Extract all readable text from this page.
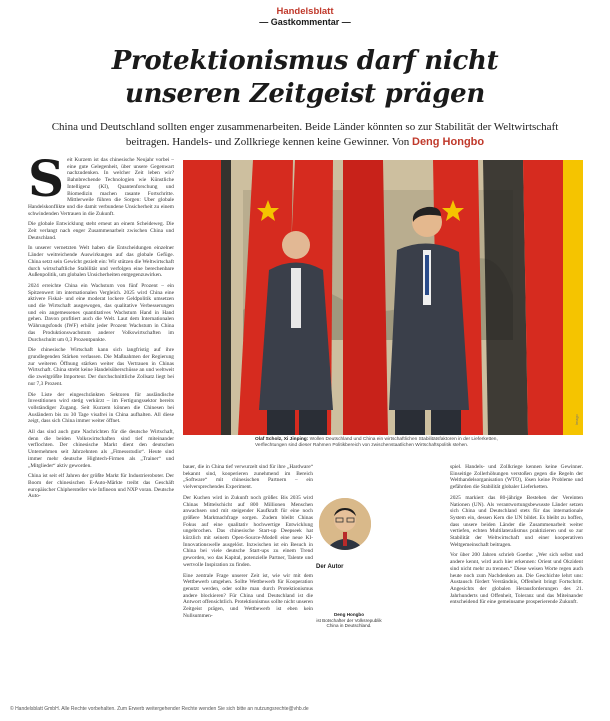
Handelsblatt
— Gastkommentar —
Protektionismus darf nicht
unseren Zeitgeist prägen
China und Deutschland sollten enger zusammenarbeiten. Beide Länder könnten so zur Stabilität der Weltwirtschaft beitragen. Handels- und Zollkriege kennen keine Gewinner. Von Deng Hongbo

Seit Kurzem ist das chinesische Neujahr vorbei – eine gute Gelegenheit, über unsere Gegenwart nachzudenken. In welcher Zeit leben wir? Bahnbrechende Technologien wie Künstliche Intelligenz (KI), Quantenforschung und Biomedizin machen rasante Fortschritte. Mittlerweile führen die Sorgen: Uber globale Handelskonflikte und die damit verbundene Unsicherheit zu einem schwindenden Vertrauen in die Zukunft.

Die globale Entwicklung steht erneut an einem Scheideweg. Die Zeit verlangt nach enger Zusammenarbeit zwischen China und Deutschland.

In unserer vernetzten Welt haben die Entscheidungen einzelner Länder weitreichende Auswirkungen auf das globale Gefüge. China setzt sein Gewicht gezielt ein: Wir stützen die Weltwirtschaft durch wirtschaftliche Stabilität und verfolgen eine berechenbare Außenpolitik, um globalen Unsicherheiten entgegenzuwirken.

2024 erreichte China ein Wachstum von fünf Prozent – ein Spitzenwert im internationalen Vergleich. 2025 wird China eine aktivere Fiskal- und eine moderat lockere Geldpolitik umsetzen und die Wirtschaft ausgewogen, das qualitative Verbesserungen und ein angemessenes quantitatives Wachstum Hand in Hand gehen. Davon profitiert auch die Welt. Laut dem Internationalen Währungsfonds (IWF) erhöht jeder Prozent Wachstum in China das Produktionswachstum anderer Volkswirtschaften im Durchschnitt um 0,3 Prozentpunkte.

Die chinesische Wirtschaft kann sich langfristig auf ihre grundlegenden Stärken verlassen. Die Maßnahmen der Regierung zur weiteren Öffnung stärken weiter das Vertrauen in Chinas Wirtschaft. China strebt keine Handelsüberschüsse an und weltweit die zweitgrößte Importeur. Der durchschnittliche Zollsatz liegt bei nur 7,3 Prozent.

Die Liste der eingeschränkten Sektoren für ausländische Investitionen wird stetig verkürzt – im Fertigungssektor bereits vollständiger Zugang. Seit Kurzem können die Chinesen bei Ausländern bis zu 30 Tage visafrei in China aufhalten. All diese zeigt, dass sich China immer weiter öffnet.

All das sind auch gute Nachrichten für die deutsche Wirtschaft, denn die beiden Volkswirtschaften sind tief miteinander verflochten. Der chinesische Markt dient den deutschen Unternehmen seit Jahrzehnten als „Fitnessstudio“. Heute sind immer mehr deutsche Hightech-Firmen als „Trainer“ und „Mitglieder“ aktiv geworden.

China ist seit elf Jahren der größte Markt für Industrieroboter. Der Boom der chinesischen E-Auto-Märkte treibt das Geschäft europäischer Chiphersteller wie Infineon und NXP voran. Deutsche Auto-

Imago
Olaf Scholz, Xi Jinping: Wollen Deutschland und China ein wirtschaftlichen Stabilitätsfaktoren in der Lieferketten, Verflechtungen sind dieser Rahmen Politikbereich von zwischenstaatlichen Wirtschaftspolitik stehen.

bauer, die in China tief verwurzelt sind für ihre „Hardware“ bekannt sind, kooperieren zunehmend im Bereich „Software“ mit chinesischen Partnern – ein vielversprechendes Experiment.

Der Kuchen wird in Zukunft noch größer. Bis 2035 wird Chinas Mittelschicht auf 800 Millionen Menschen anwachsen und mit steigender Kaufkraft für eine noch größere Marktnachfrage sorgen. Zudem bleibt Chinas Fokus auf eine qualitativ hochwertige Entwicklung ungebrochen. Das chinesische Start-up Deepseek hat kürzlich mit seinem Open-Source-Modell eine neue KI-Innovationswelle ausgelöst. Inzwischen ist ein Besuch in China bei viele deutsche Start-ups zu einem Trend geworden, wo das Kapital, potenzielle Partner, Talente und wertvolle Inspiration zu finden.

Eine zentrale Frage unserer Zeit ist, wie wir mit dem Wettbewerb umgehen. Sollte Wettbewerb für Kooperation genutzt werden, oder sollte man durch Protektionismus andere blockieren? Für China und Deutschland ist die Antwort offensichtlich. Protektionismus sollte nicht unseren Zeitgeist prägen, und Wettbewerb ist eben kein Nullsummen-

Der Autor
Deng Hongbo
ist Botschafter der Volksrepublik China in Deutschland.

spiel. Handels- und Zollkriege kennen keine Gewinner. Einseitige Zollerhöhungen verstoßen gegen die Regeln der Welthandelsorganisation (WTO), lösen keine Probleme und gefährden die Stabilität globaler Lieferketten.

2025 markiert das 80-jährige Bestehen der Vereinten Nationen (UN). Als verantwortungsbewusste Länder setzen sich China und Deutschland stets für das internationale System ein, dessen Kern die UN bildet. Es bleibt zu hoffen, dass unsere beiden Länder die Zusammenarbeit weiter vertiefen, echten Multilateralismus praktizieren und so zur Stabilität der Weltwirtschaft und einer kooperativen Weltgemeinschaft beitragen.

Vor über 200 Jahren schrieb Goethe: „Wer sich selbst und andere kennt, wird auch hier erkennen: Orient und Okzident sind nicht mehr zu trennen.“ Diese weisen Worte regen auch heute noch zum Nachdenken an. Die Geschichte lehrt uns: Austausch fördert Verständnis, Offenheit bringt Fortschritt. Angesichts der globalen Herausforderungen des 21. Jahrhunderts und Offenheit, Toleranz und das Miteinander entscheidend für eine gemeinsame prosperierende Zukunft.

© Handelsblatt GmbH. Alle Rechte vorbehalten. Zum Erwerb weitergehender Rechte wenden Sie sich bitte an nutzungsrechte@vhb.de
